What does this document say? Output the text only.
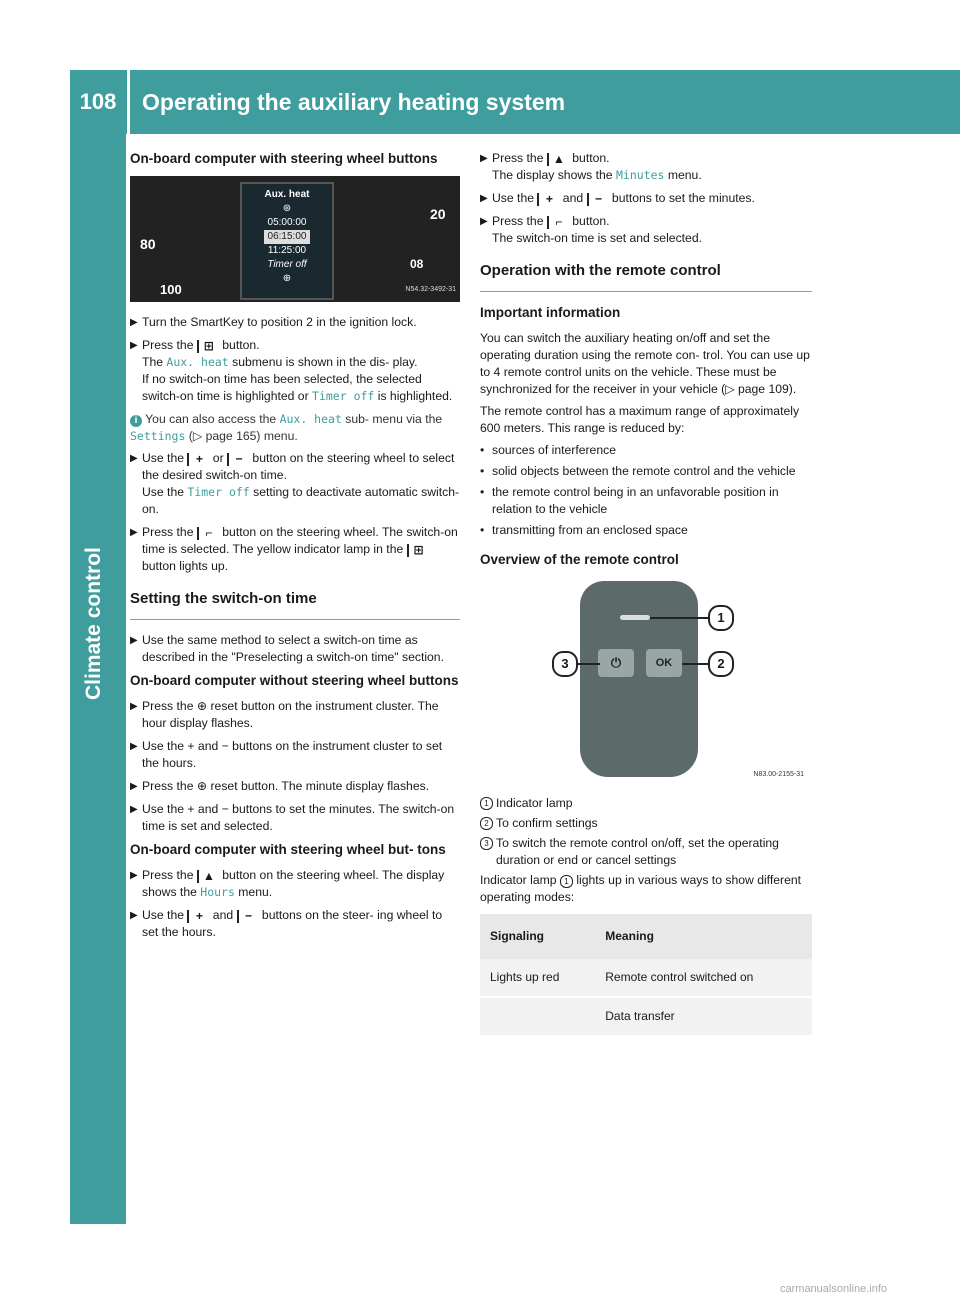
108	Operating the auxiliary heating system
Climate control
On-board computer with steering wheel buttons
80
100
20
08
Aux. heat
⊛
05:00:00
06:15:00
11:25:00
Timer off
⊕
N54.32-3492-31
▶ Turn the SmartKey to position 2 in the ignition lock.
▶ Press the ⊞ button.
The Aux. heat submenu is shown in the dis- play.
If no switch-on time has been selected, the selected switch-on time is highlighted or Timer off is highlighted.
i You can also access the Aux. heat sub- menu via the Settings (▷ page 165) menu.
▶ Use the + or − button on the steering wheel to select the desired switch-on time.
Use the Timer off setting to deactivate automatic switch-on.
▶ Press the ⌐ button on the steering wheel. The switch-on time is selected. The yellow indicator lamp in the ⊞ button lights up.
Setting the switch-on time
▶ Use the same method to select a switch-on time as described in the "Preselecting a switch-on time" section.
On-board computer without steering wheel buttons
▶ Press the ⊕ reset button on the instrument cluster. The hour display flashes.
▶ Use the + and − buttons on the instrument cluster to set the hours.
▶ Press the ⊕ reset button. The minute display flashes.
▶ Use the + and − buttons to set the minutes. The switch-on time is set and selected.
On-board computer with steering wheel but- tons
▶ Press the ▲ button on the steering wheel. The display shows the Hours menu.
▶ Use the + and − buttons on the steer- ing wheel to set the hours.
▶ Press the ▲ button.
The display shows the Minutes menu.
▶ Use the + and − buttons to set the minutes.
▶ Press the ⌐ button.
The switch-on time is set and selected.
Operation with the remote control
Important information
You can switch the auxiliary heating on/off and set the operating duration using the remote con- trol. You can use up to 4 remote control units on the vehicle. These must be synchronized for the receiver in your vehicle (▷ page 109).
The remote control has a maximum range of approximately 600 meters. This range is reduced by:
• sources of interference
• solid objects between the remote control and the vehicle
• the remote control being in an unfavorable position in relation to the vehicle
• transmitting from an enclosed space
Overview of the remote control
⏻	OK
1
2
3
N83.00-2155-31
1 Indicator lamp
2 To confirm settings
3 To switch the remote control on/off, set the operating duration or end or cancel settings
Indicator lamp 1 lights up in various ways to show different operating modes:
Signaling	Meaning
Lights up red	Remote control switched on
	Data transfer
carmanualsonline.info
